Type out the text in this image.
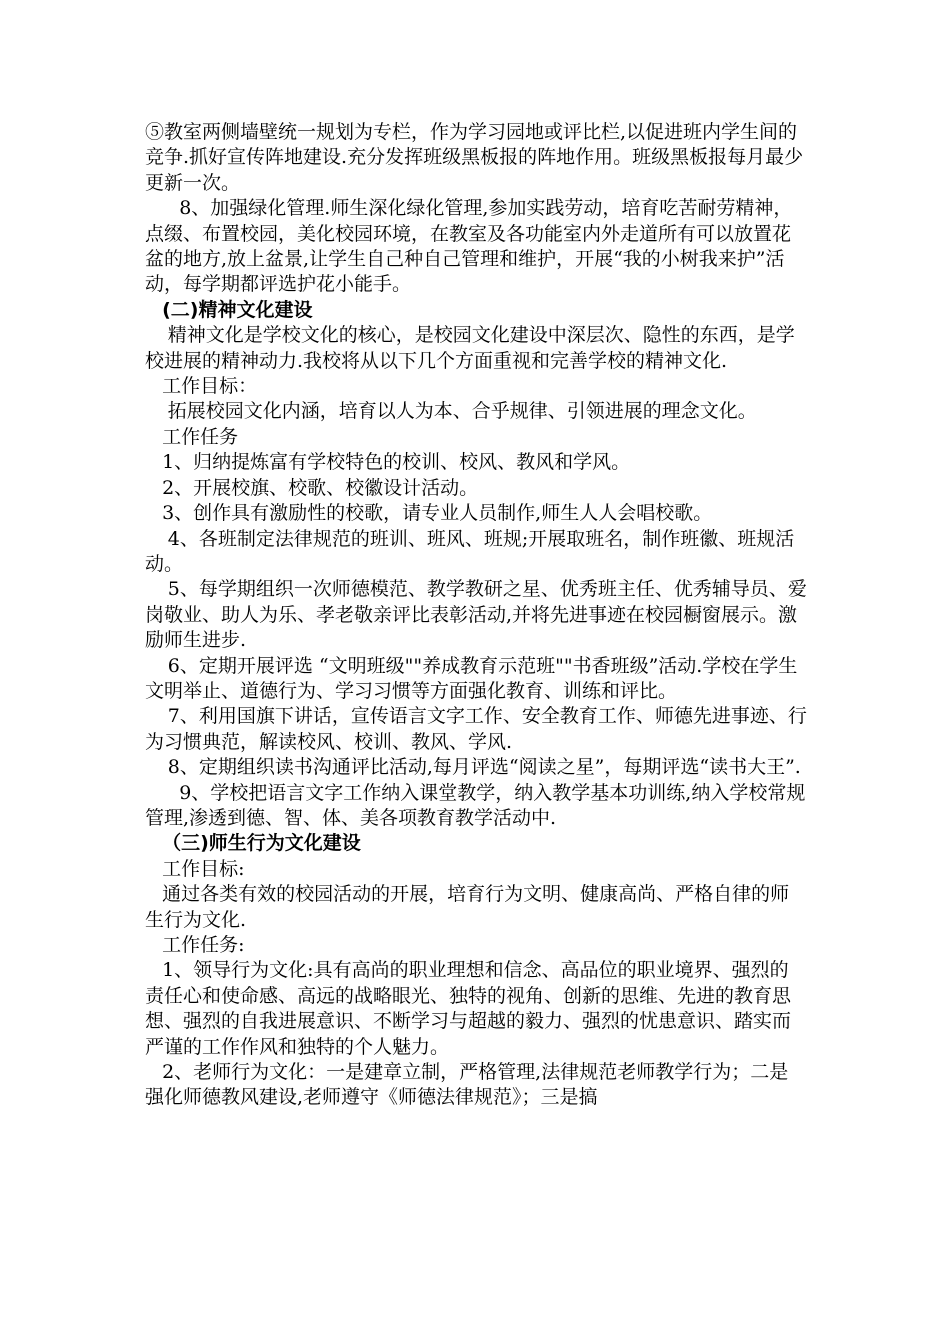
⑤教室两侧墙壁统一规划为专栏，作为学习园地或评比栏,以促进班内学生间的竞争.抓好宣传阵地建设.充分发挥班级黑板报的阵地作用。班级黑板报每月最少更新一次。

8、加强绿化管理.师生深化绿化管理,参加实践劳动，培育吃苦耐劳精神，点缀、布置校园，美化校园环境，在教室及各功能室内外走道所有可以放置花盆的地方,放上盆景,让学生自己种自己管理和维护，开展“我的小树我来护”活动，每学期都评选护花小能手。

(二)精神文化建设

精神文化是学校文化的核心，是校园文化建设中深层次、隐性的东西，是学校进展的精神动力.我校将从以下几个方面重视和完善学校的精神文化.

工作目标：

拓展校园文化内涵，培育以人为本、合乎规律、引领进展的理念文化。

工作任务

1、归纳提炼富有学校特色的校训、校风、教风和学风。

2、开展校旗、校歌、校徽设计活动。

3、创作具有激励性的校歌，请专业人员制作,师生人人会唱校歌。

4、各班制定法律规范的班训、班风、班规;开展取班名，制作班徽、班规活动。

5、每学期组织一次师德模范、教学教研之星、优秀班主任、优秀辅导员、爱岗敬业、助人为乐、孝老敬亲评比表彰活动,并将先进事迹在校园橱窗展示。激励师生进步.

6、定期开展评选 “文明班级""养成教育示范班""书香班级”活动.学校在学生文明举止、道德行为、学习习惯等方面强化教育、训练和评比。

7、利用国旗下讲话，宣传语言文字工作、安全教育工作、师德先进事迹、行为习惯典范，解读校风、校训、教风、学风.

8、定期组织读书沟通评比活动,每月评选“阅读之星”，每期评选“读书大王”.

9、学校把语言文字工作纳入课堂教学，纳入教学基本功训练,纳入学校常规管理,渗透到德、智、体、美各项教育教学活动中.

（三)师生行为文化建设

工作目标:

通过各类有效的校园活动的开展，培育行为文明、健康高尚、严格自律的师生行为文化.

工作任务:

1、领导行为文化:具有高尚的职业理想和信念、高品位的职业境界、强烈的责任心和使命感、高远的战略眼光、独特的视角、创新的思维、先进的教育思想、强烈的自我进展意识、不断学习与超越的毅力、强烈的忧患意识、踏实而严谨的工作作风和独特的个人魅力。

2、老师行为文化：一是建章立制，严格管理,法律规范老师教学行为；二是强化师德教风建设,老师遵守《师德法律规范》；三是搞
